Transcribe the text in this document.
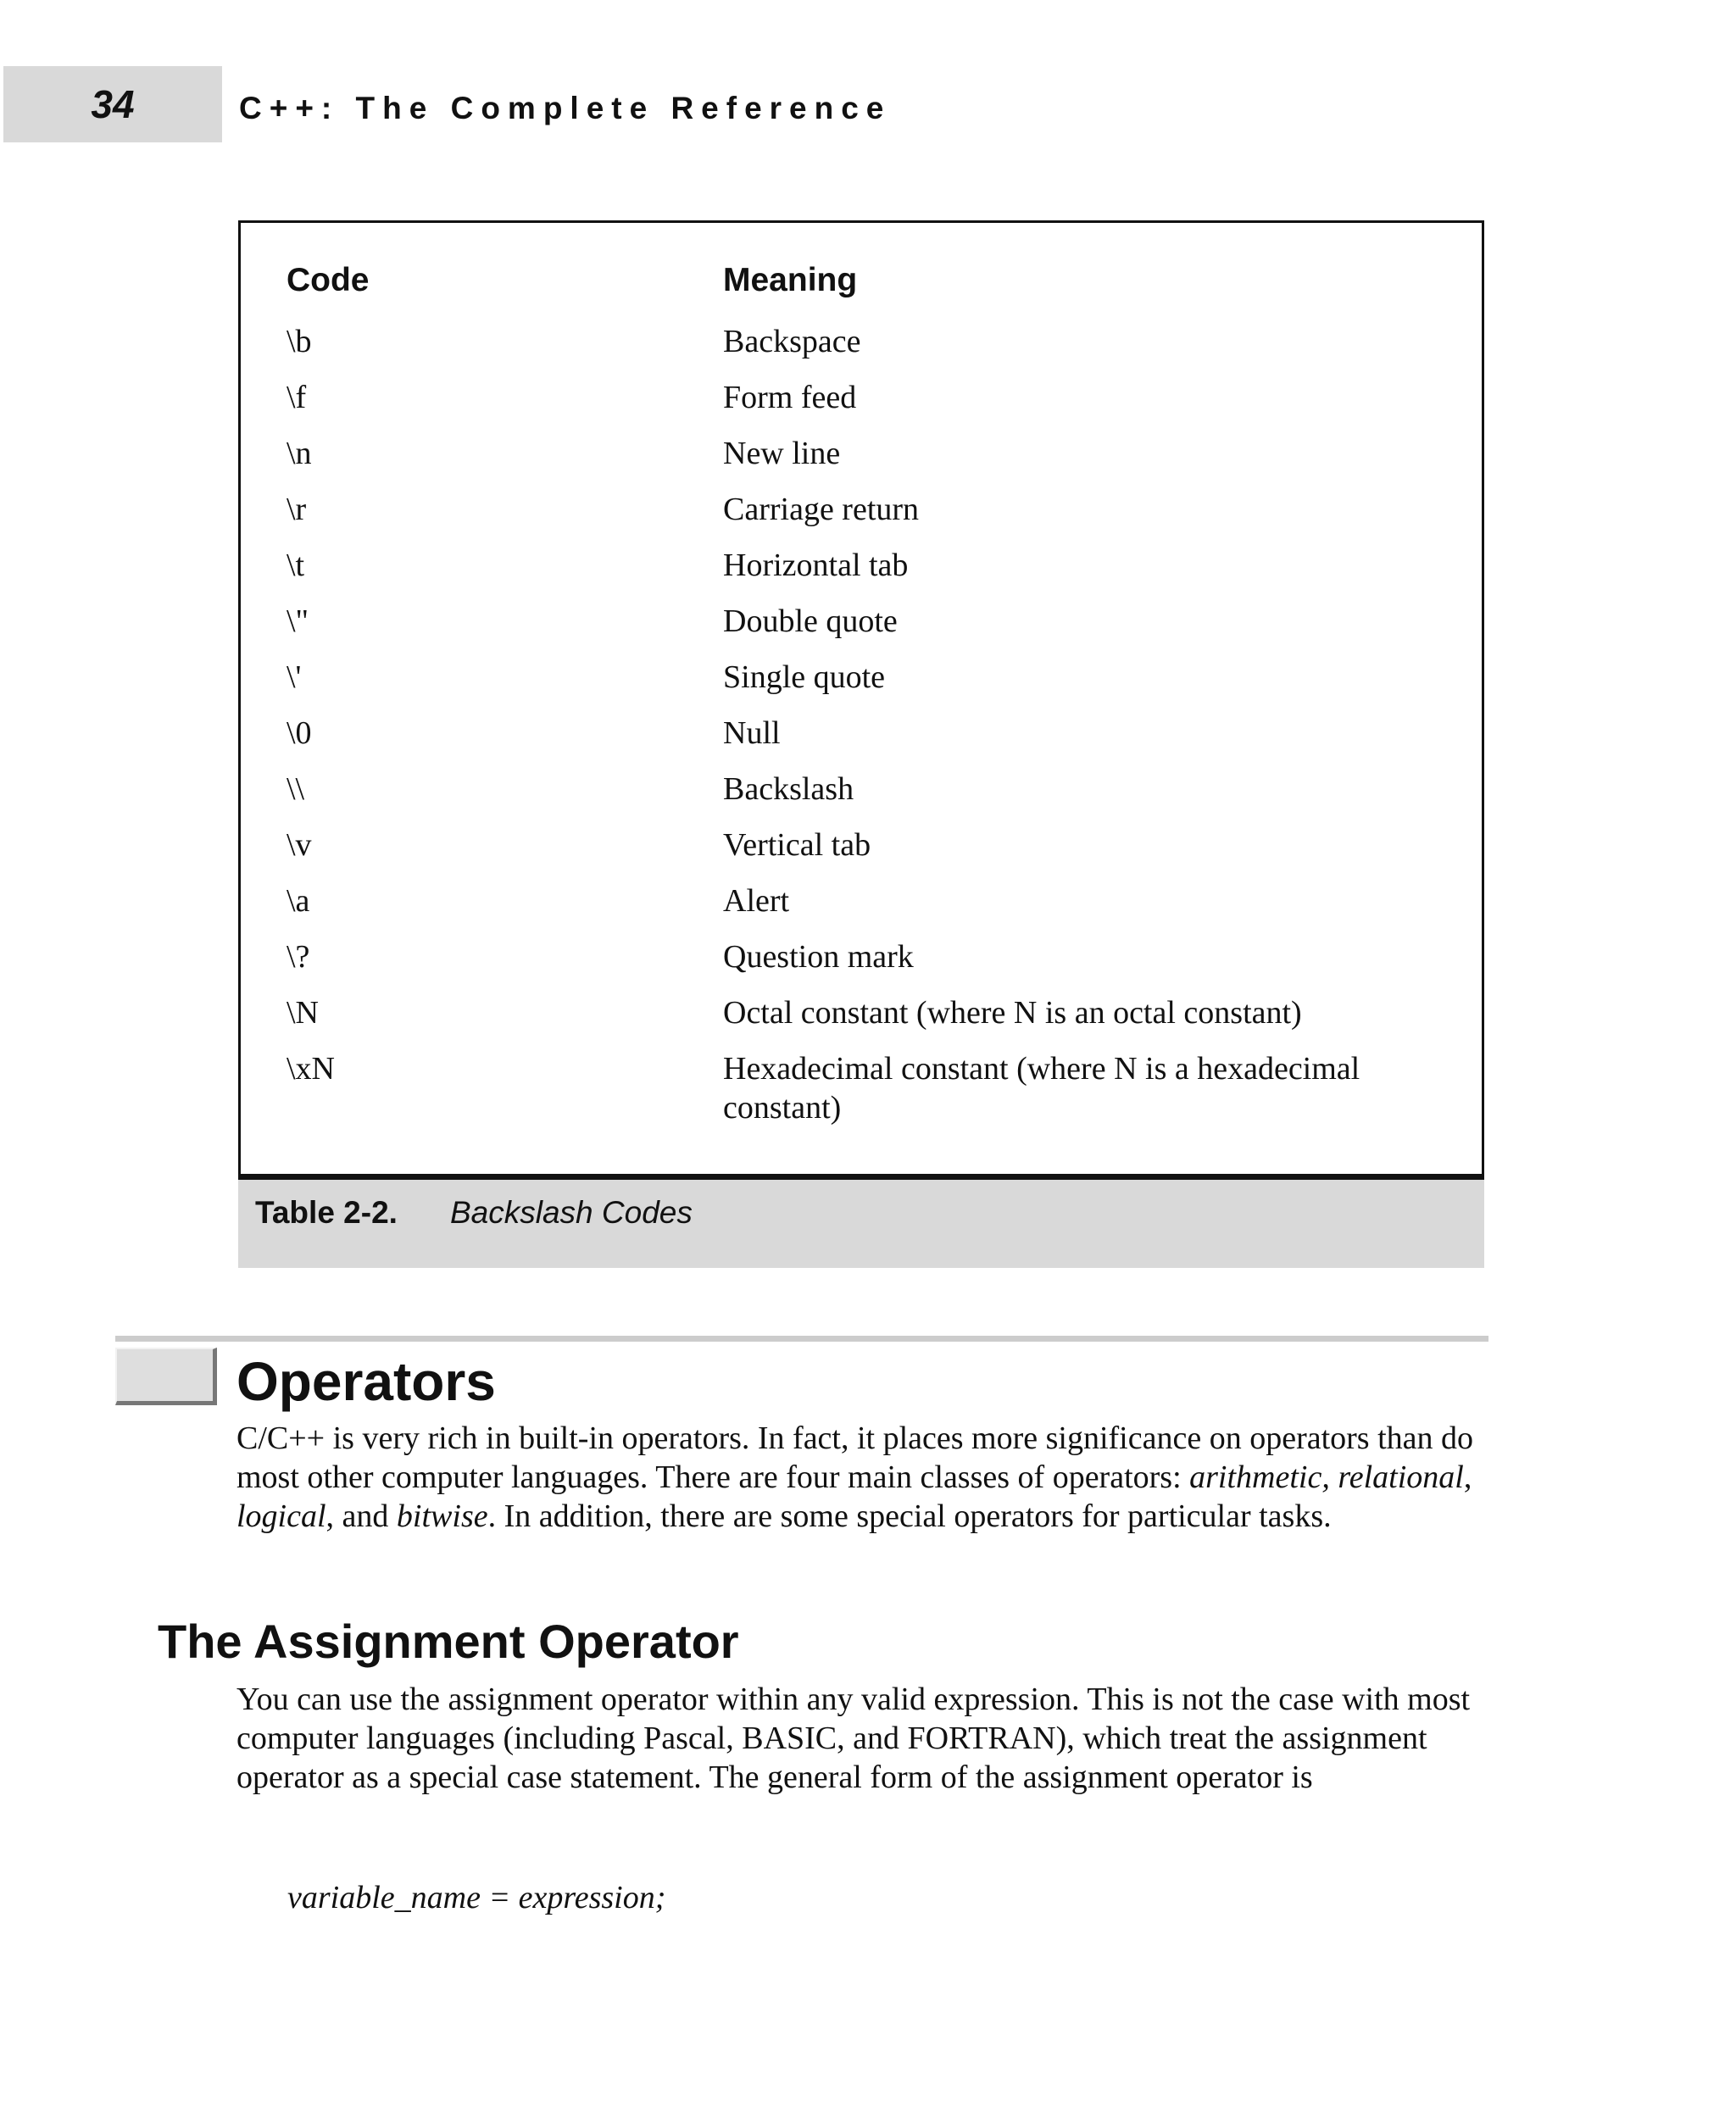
34	C++: The Complete Reference
Code	Meaning
\b	Backspace
\f	Form feed
\n	New line
\r	Carriage return
\t	Horizontal tab
\"	Double quote
\'	Single quote
\0	Null
\\	Backslash
\v	Vertical tab
\a	Alert
\?	Question mark
\N	Octal constant (where N is an octal constant)
\xN	Hexadecimal constant (where N is a hexadecimal constant)
Table 2-2. Backslash Codes
Operators
C/C++ is very rich in built-in operators. In fact, it places more significance on operators than do most other computer languages. There are four main classes of operators: arithmetic, relational, logical, and bitwise. In addition, there are some special operators for particular tasks.
The Assignment Operator
You can use the assignment operator within any valid expression. This is not the case with most computer languages (including Pascal, BASIC, and FORTRAN), which treat the assignment operator as a special case statement. The general form of the assignment operator is
variable_name = expression;
